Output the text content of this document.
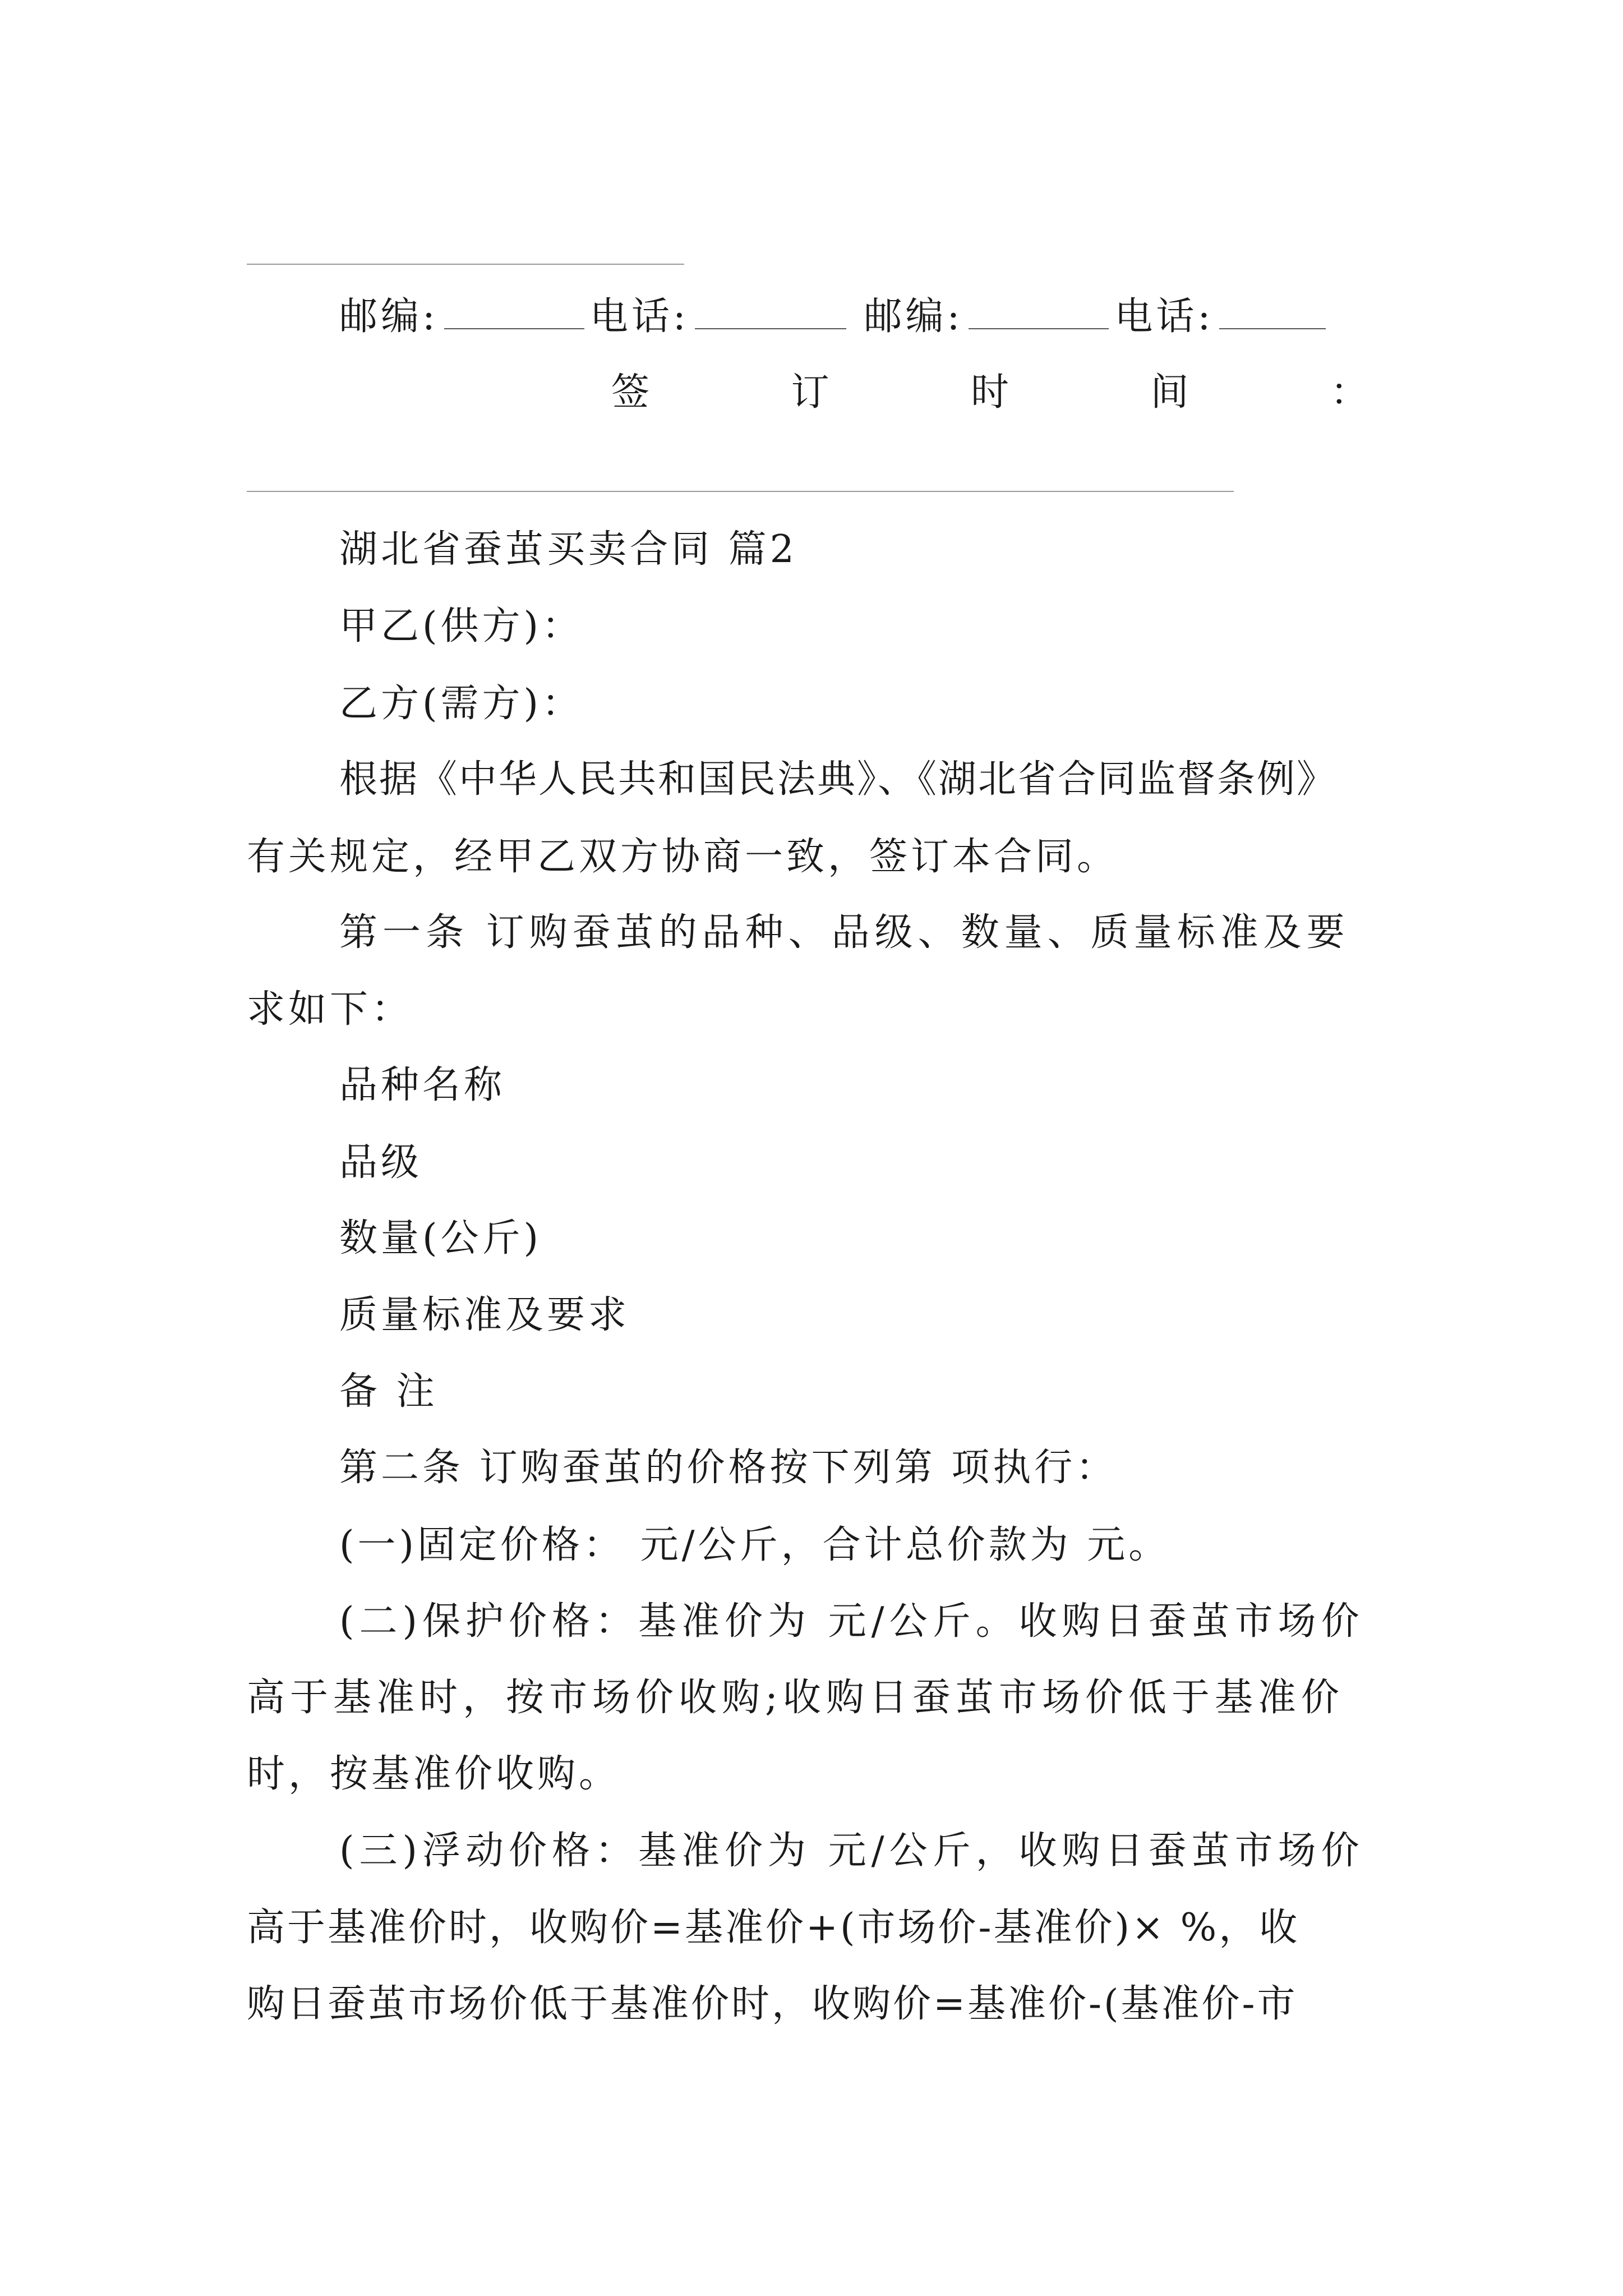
邮编:	电话:	邮编:	电话:
签	订	时	间	：
湖北省蚕茧买卖合同 篇2
甲乙(供方)：
乙方(需方)：
根据《中华人民共和国民法典》、《湖北省合同监督条例》
有关规定，经甲乙双方协商一致，签订本合同。
第一条 订购蚕茧的品种、品级、数量、质量标准及要
求如下：
品种名称
品级
数量(公斤)
质量标准及要求
备 注
第二条 订购蚕茧的价格按下列第 项执行：
(一)固定价格： 元/公斤，合计总价款为 元。
(二)保护价格：基准价为 元/公斤。收购日蚕茧市场价
高于基准时，按市场价收购;收购日蚕茧市场价低于基准价
时，按基准价收购。
(三)浮动价格：基准价为 元/公斤，收购日蚕茧市场价
高于基准价时，收购价=基准价+(市场价-基准价)× %，收
购日蚕茧市场价低于基准价时，收购价=基准价-(基准价-市
